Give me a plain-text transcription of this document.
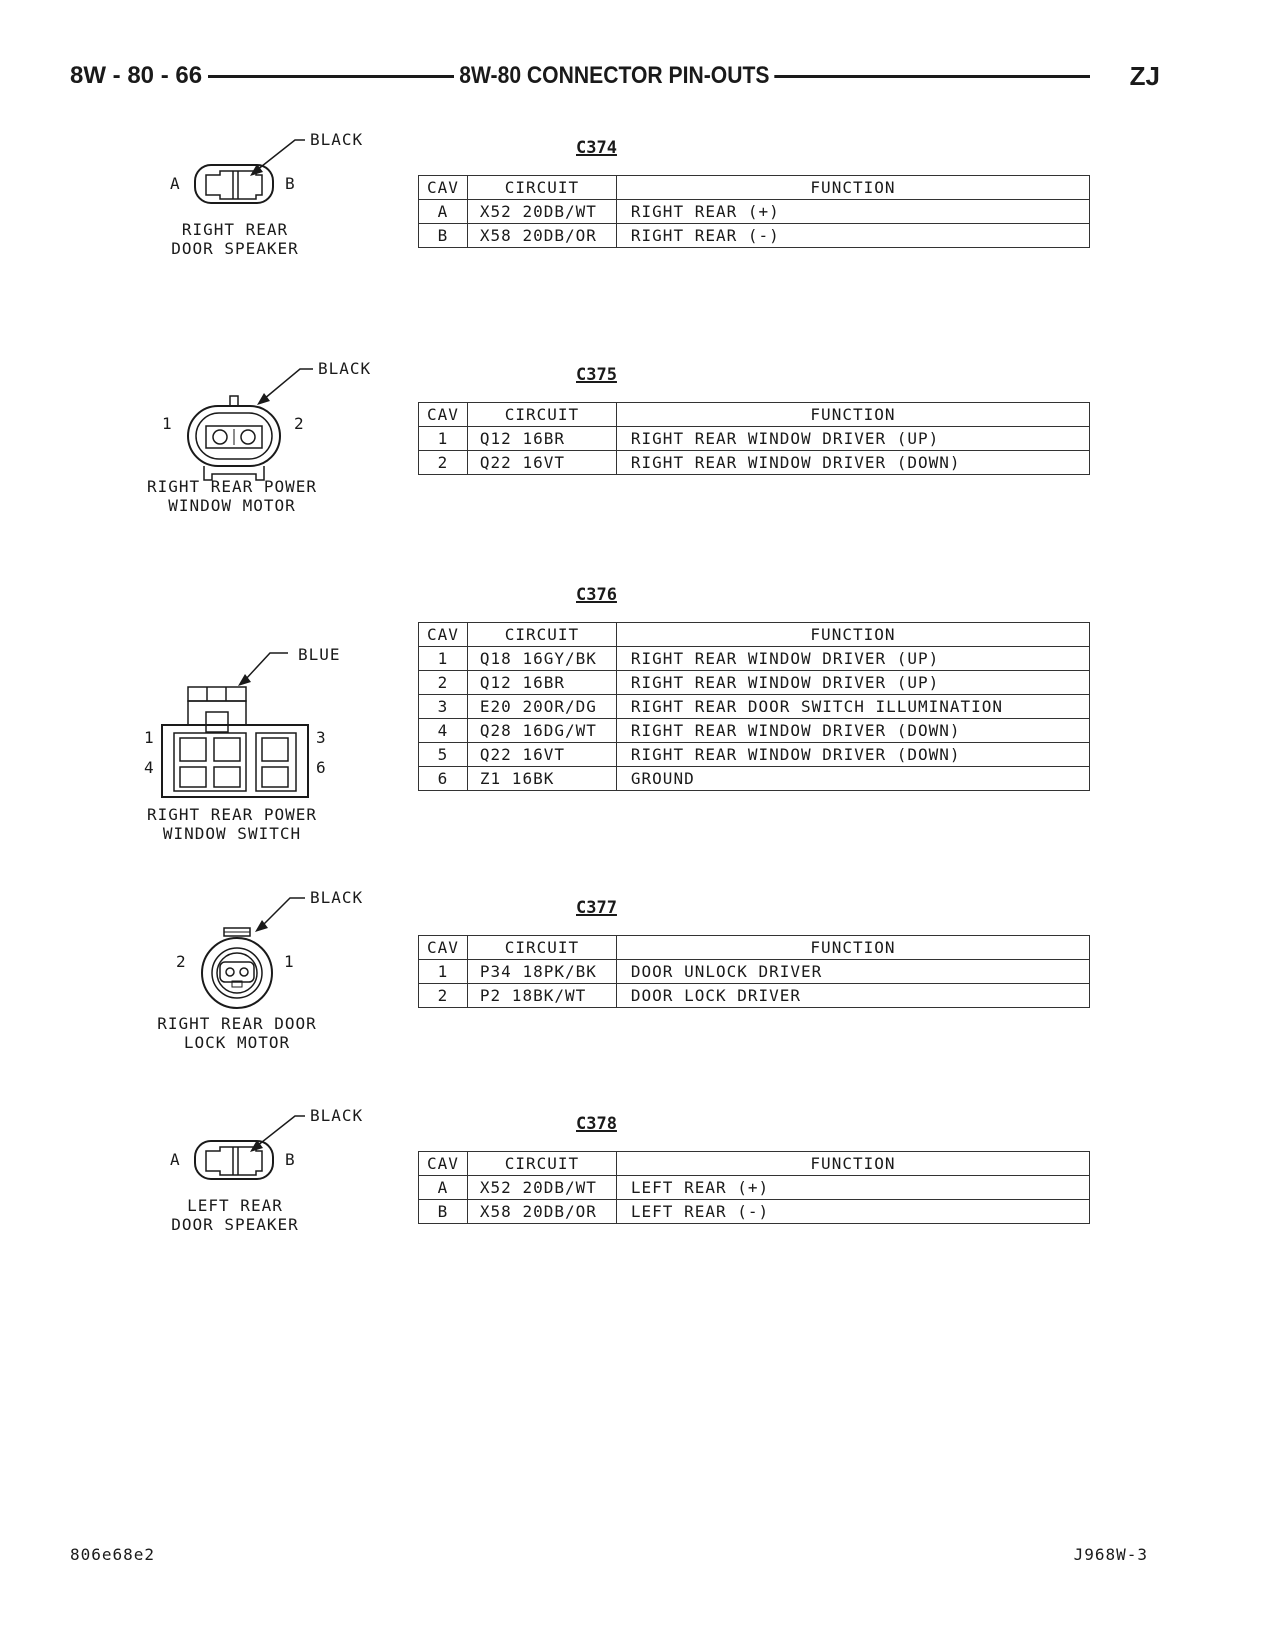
8W - 80 - 66	8W-80 CONNECTOR PIN-OUTS	ZJ
BLACK
A	B
RIGHT REAR
DOOR SPEAKER
C374
CAV	CIRCUIT	FUNCTION
A	X52 20DB/WT	RIGHT REAR (+)
B	X58 20DB/OR	RIGHT REAR (-)
BLACK
1	2
RIGHT REAR POWER
WINDOW MOTOR
C375
CAV	CIRCUIT	FUNCTION
1	Q12 16BR	RIGHT REAR WINDOW DRIVER (UP)
2	Q22 16VT	RIGHT REAR WINDOW DRIVER (DOWN)
BLUE
1	3
4	6
RIGHT REAR POWER
WINDOW SWITCH
C376
CAV	CIRCUIT	FUNCTION
1	Q18 16GY/BK	RIGHT REAR WINDOW DRIVER (UP)
2	Q12 16BR	RIGHT REAR WINDOW DRIVER (UP)
3	E20 20OR/DG	RIGHT REAR DOOR SWITCH ILLUMINATION
4	Q28 16DG/WT	RIGHT REAR WINDOW DRIVER (DOWN)
5	Q22 16VT	RIGHT REAR WINDOW DRIVER (DOWN)
6	Z1 16BK	GROUND
BLACK
2	1
RIGHT REAR DOOR
LOCK MOTOR
C377
CAV	CIRCUIT	FUNCTION
1	P34 18PK/BK	DOOR UNLOCK DRIVER
2	P2 18BK/WT	DOOR LOCK DRIVER
BLACK
A	B
LEFT REAR
DOOR SPEAKER
C378
CAV	CIRCUIT	FUNCTION
A	X52 20DB/WT	LEFT REAR (+)
B	X58 20DB/OR	LEFT REAR (-)
806e68e2	J968W-3
